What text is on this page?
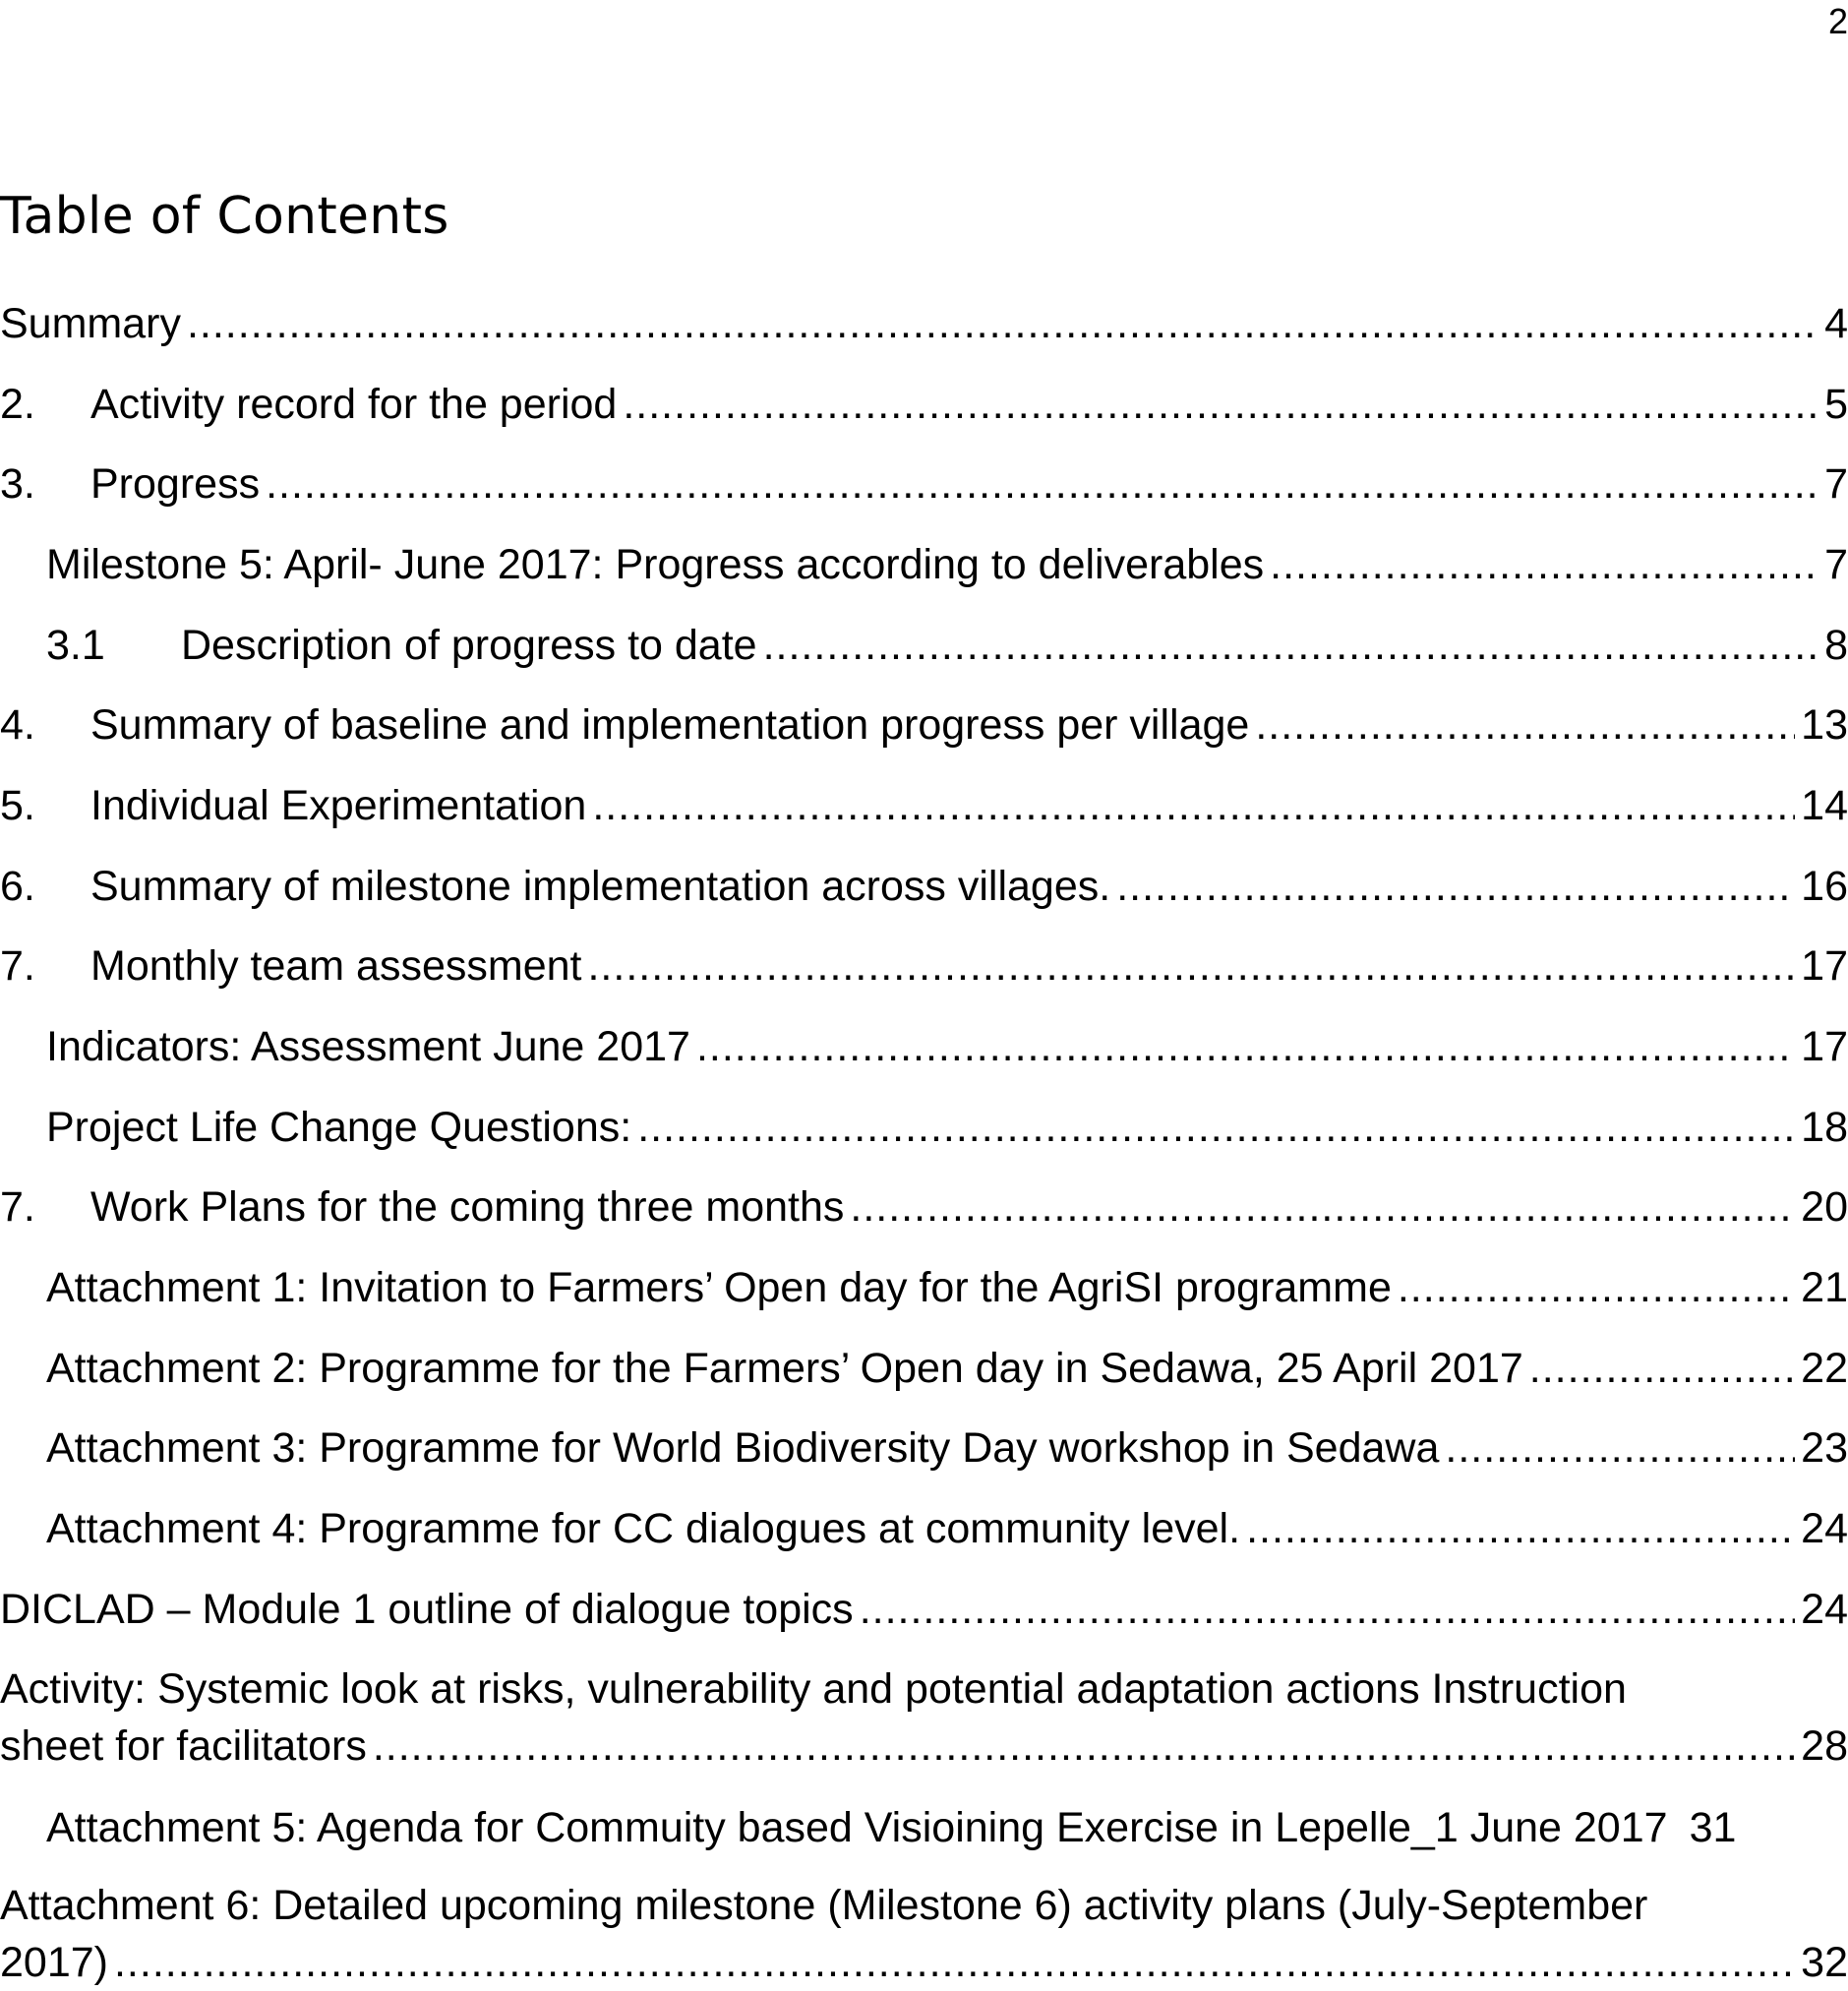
2
Table of Contents
Summary .....	4
2.	Activity record for the period .....	5
3.	Progress .....	7
Milestone 5: April- June 2017: Progress according to deliverables .....	7
3.1	Description of progress to date .....	8
4.	Summary of baseline and implementation progress per village .....	13
5.	Individual Experimentation .....	14
6.	Summary of milestone implementation across villages. .....	16
7.	Monthly team assessment .....	17
Indicators: Assessment June 2017 .....	17
Project Life Change Questions: .....	18
7.	Work Plans for the coming three months .....	20
Attachment 1: Invitation to Farmers’ Open day for the AgriSI programme .....	21
Attachment 2: Programme for the Farmers’ Open day in Sedawa, 25 April 2017 .....	22
Attachment 3: Programme for World Biodiversity Day workshop in Sedawa .....	23
Attachment 4: Programme for CC dialogues at community level. .....	24
DICLAD – Module 1 outline of dialogue topics .....	24
Activity: Systemic look at risks, vulnerability and potential adaptation actions Instruction
sheet for facilitators .....	28
Attachment 5: Agenda for Commuity based Visioining Exercise in Lepelle_1 June 2017 31
Attachment 6: Detailed upcoming milestone (Milestone 6) activity plans (July-September
2017) .....	32
